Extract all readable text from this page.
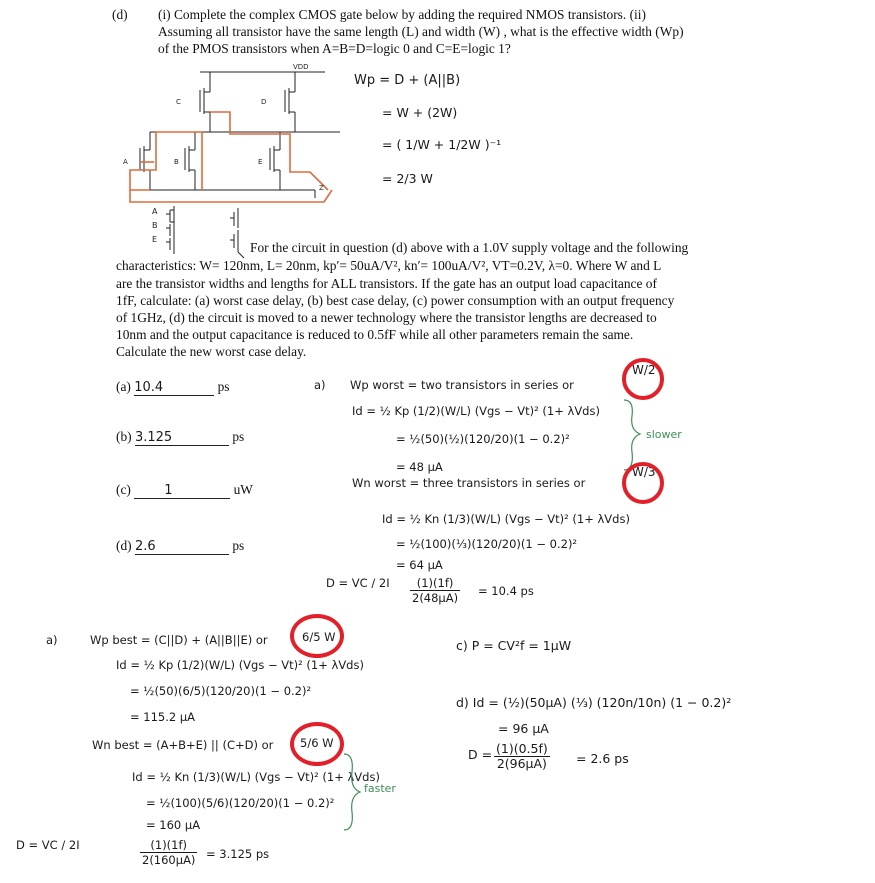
(d) (i) Complete the complex CMOS gate below by adding the required NMOS transistors. (ii)
Assuming all transistor have the same length (L) and width (W) , what is the effective width (Wp)
of the PMOS transistors when A=B=D=logic 0 and C=E=logic 1?
VDD
C	D
A	B	E
Z
A
B
E
Wp = D + (A||B)
= W + (2W)
= ( 1/W + 1/2W )⁻¹
= 2/3 W
For the circuit in question (d) above with a 1.0V supply voltage and the following
characteristics: W= 120nm, L= 20nm, kp′= 50uA/V², kn′= 100uA/V², VT=0.2V, λ=0. Where W and L
are the transistor widths and lengths for ALL transistors. If the gate has an output load capacitance of
1fF, calculate: (a) worst case delay, (b) best case delay, (c) power consumption with an output frequency
of 1GHz, (d) the circuit is moved to a newer technology where the transistor lengths are decreased to
10nm and the output capacitance is reduced to 0.5fF while all other parameters remain the same.
Calculate the new worst case delay.
(a) 10.4	ps
(b) 3.125	ps
(c)	1	uW
(d) 2.6	ps
a) Wp worst = two transistors in series or
W/2
Id = ½ Kp (1/2)(W/L) (Vgs − Vt)² (1+ λVds)
= ½(50)(½)(120/20)(1 − 0.2)²
= 48 μA
slower
Wn worst = three transistors in series or
W/3
Id = ½ Kn (1/3)(W/L) (Vgs − Vt)² (1+ λVds)
= ½(100)(⅓)(120/20)(1 − 0.2)²
= 64 μA
D = VC / $2I \frac{(1)(1f)}{2(48\mu A)} = 10.4$ ps
a)	Wp best = (C||D) + (A||B||E) or	6/5 W
Id = ½ Kp (1/2)(W/L) (Vgs − Vt)² (1+ λVds)
= ½(50)(6/5)(120/20)(1 − 0.2)²
= 115.2 μA
Wn best = (A+B+E) || (C+D) or 5/6 W
Id = ½ Kn (1/3)(W/L) (Vgs − Vt)² (1+ λVds)
= ½(100)(5/6)(120/20)(1 − 0.2)²
= 160 μA
faster
D = VC / 2I	$\frac{(1)(1f)}{2(160\mu A)} = 3.125$ ps
c) P = CV²f = 1μW
d) Id = (½)(50μA) (⅓) (120n/10n) (1 − 0.2)²
= 96 μA
$D = \frac{(1)(0.5f)}{2(96\mu A)} = 2.6$ ps
